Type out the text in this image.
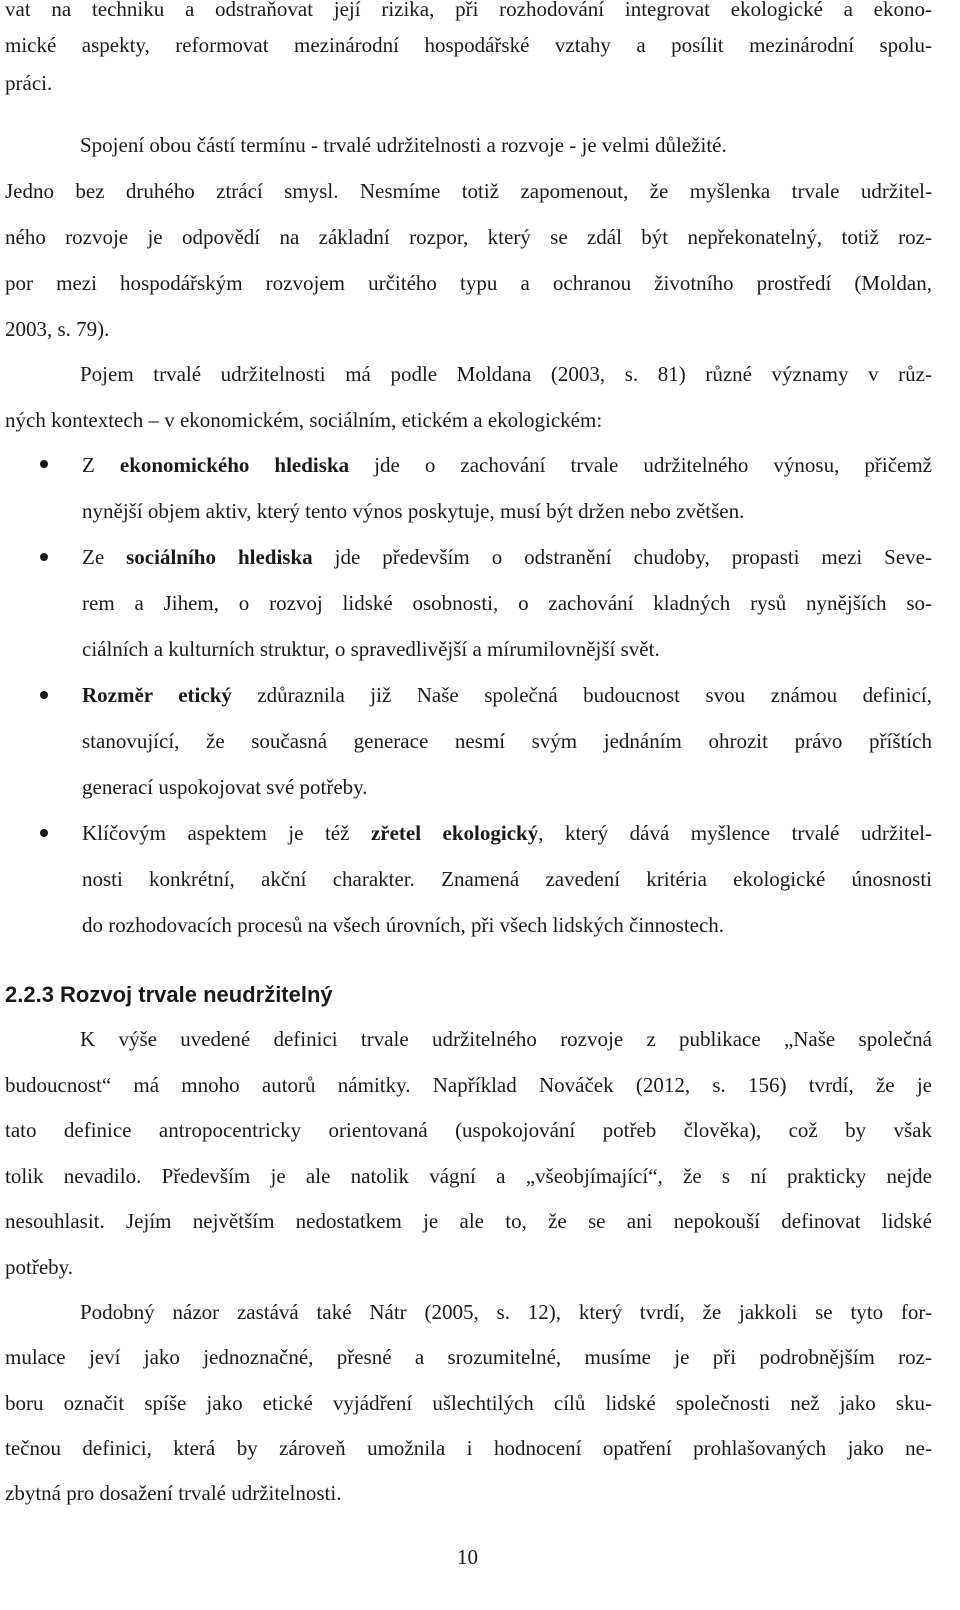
vat na techniku a odstraňovat její rizika, při rozhodování integrovat ekologické a ekono-
mické aspekty, reformovat mezinárodní hospodářské vztahy a posílit mezinárodní spolu-
práci.
Spojení obou částí termínu - trvalé udržitelnosti a rozvoje - je velmi důležité.
Jedno bez druhého ztrácí smysl. Nesmíme totiž zapomenout, že myšlenka trvale udržitel-
ného rozvoje je odpovědí na základní rozpor, který se zdál být nepřekonatelný, totiž roz-
por mezi hospodářským rozvojem určitého typu a ochranou životního prostředí (Moldan,
2003, s. 79).
Pojem trvalé udržitelnosti má podle Moldana (2003, s. 81) různé významy v růz-
ných kontextech – v ekonomickém, sociálním, etickém a ekologickém:
Z ekonomického hlediska jde o zachování trvale udržitelného výnosu, přičemž
nynější objem aktiv, který tento výnos poskytuje, musí být držen nebo zvětšen.
Ze sociálního hlediska jde především o odstranění chudoby, propasti mezi Seve-
rem a Jihem, o rozvoj lidské osobnosti, o zachování kladných rysů nynějších so-
ciálních a kulturních struktur, o spravedlivější a mírumilovnější svět.
Rozměr etický zdůraznila již Naše společná budoucnost svou známou definicí,
stanovující, že současná generace nesmí svým jednáním ohrozit právo příštích
generací uspokojovat své potřeby.
Klíčovým aspektem je též zřetel ekologický, který dává myšlence trvalé udržitel-
nosti konkrétní, akční charakter. Znamená zavedení kritéria ekologické únosnosti
do rozhodovacích procesů na všech úrovních, při všech lidských činnostech.
2.2.3 Rozvoj trvale neudržitelný
K výše uvedené definici trvale udržitelného rozvoje z publikace „Naše společná
budoucnost“ má mnoho autorů námitky. Například Nováček (2012, s. 156) tvrdí, že je
tato definice antropocentricky orientovaná (uspokojování potřeb člověka), což by však
tolik nevadilo. Především je ale natolik vágní a „všeobjímající“, že s ní prakticky nejde
nesouhlasit. Jejím největším nedostatkem je ale to, že se ani nepokouší definovat lidské
potřeby.
Podobný názor zastává také Nátr (2005, s. 12), který tvrdí, že jakkoli se tyto for-
mulace jeví jako jednoznačné, přesné a srozumitelné, musíme je při podrobnějším roz-
boru označit spíše jako etické vyjádření ušlechtilých cílů lidské společnosti než jako sku-
tečnou definici, která by zároveň umožnila i hodnocení opatření prohlašovaných jako ne-
zbytná pro dosažení trvalé udržitelnosti.
10
